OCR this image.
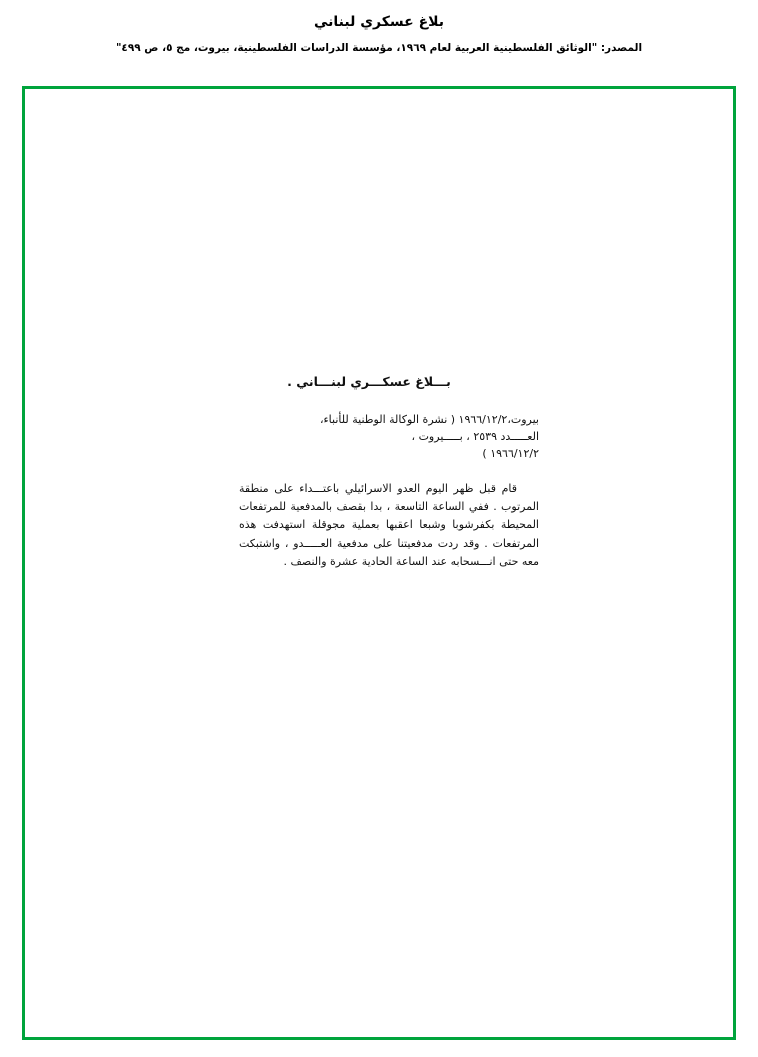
بلاغ عسكري لبناني
المصدر: "الوثائق الفلسطينية العربية لعام ١٩٦٩، مؤسسة الدراسات الفلسطينية، بيروت، مج ٥، ص ٤٩٩"
بـــلاغ عسكـــري لبنـــاني .
بيروت،١٩٦٦/١٢/٢ ( نشرة الوكالة الوطنية للأنباء،
العـــــدد ٢٥٣٩ ، بـــــيروت ،
١٩٦٦/١٢/٢ )

قام قبل ظهر اليوم العدو الاسرائيلي باعتـــداء على منطقة المرتوب . ففي الساعة التاسعة ، بدا بقصف بالمدفعية للمرتفعات المحيطة بكفرشوبا وشبعا اعقبها بعملية مجوقلة استهدفت هذه المرتفعات . وقد ردت مدفعيتنا على مدفعية العـــــدو ، واشتبكت معه حتى انـــسحابه عند الساعة الحادية عشرة والنصف .
